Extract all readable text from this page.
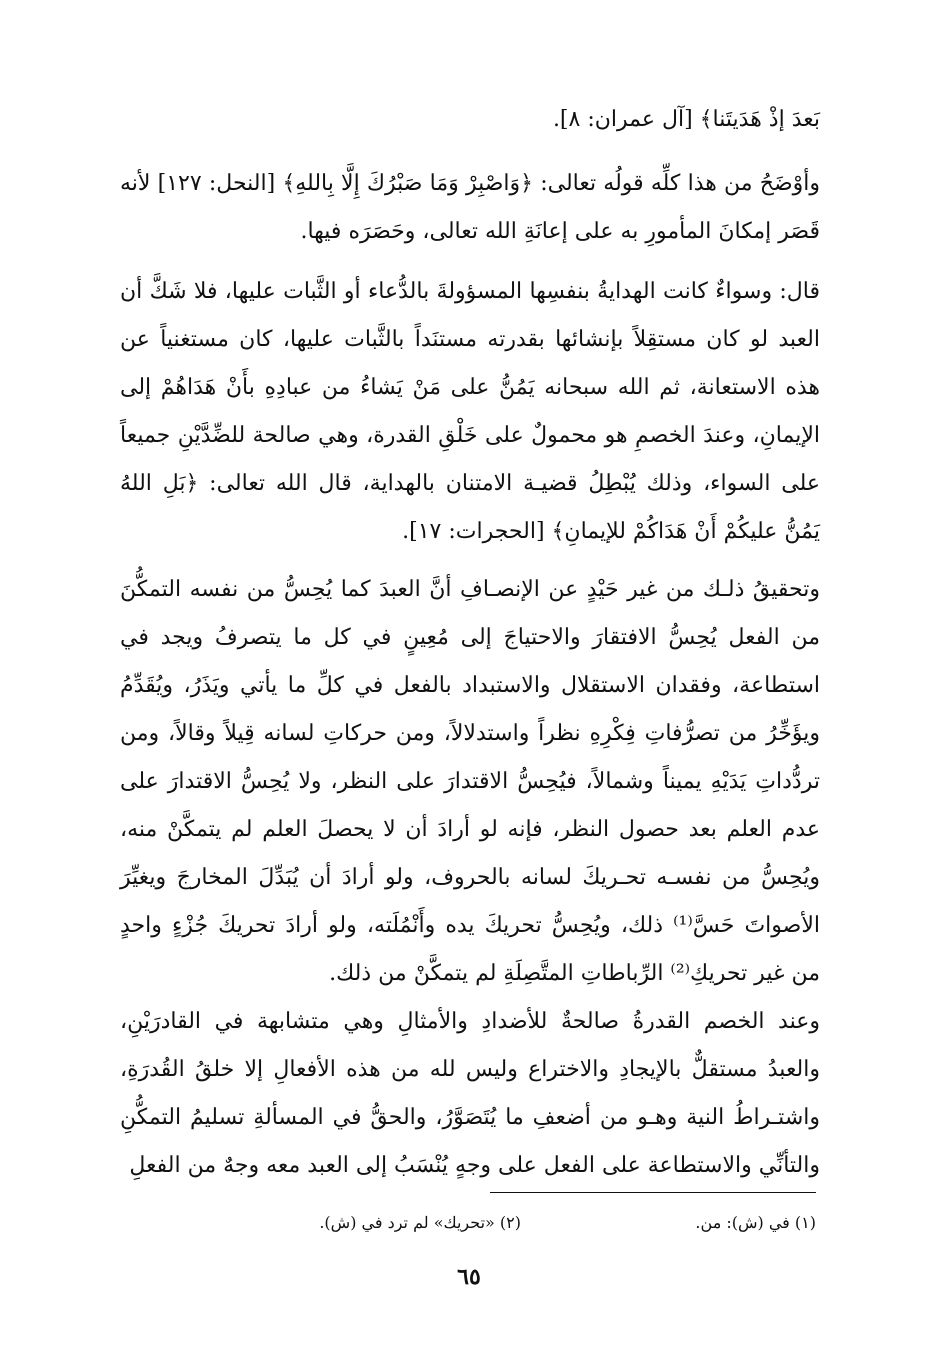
بَعدَ إذْ هَدَيتَنا﴾ [آل عمران: ٨].

وأوْضَحُ من هذا كلِّه قولُه تعالى: ﴿وَاصْبِرْ وَمَا صَبْرُكَ إِلَّا بِاللهِ﴾ [النحل: ١٢٧] لأنه قَصَر إمكانَ المأمورِ به على إعانَةِ الله تعالى، وحَصَرَه فيها.

قال: وسواءٌ كانت الهدايةُ بنفسِها المسؤولةَ بالدُّعاء أو الثَّبات عليها، فلا شَكَّ أن العبد لو كان مستقِلاً بإنشائها بقدرته مستنَداً بالثَّبات عليها، كان مستغنياً عن هذه الاستعانة، ثم الله سبحانه يَمُنُّ على مَنْ يَشاءُ من عبادِهِ بأَنْ هَدَاهُمْ إلى الإيمانِ، وعندَ الخصمِ هو محمولٌ على خَلْقِ القدرة، وهي صالحة للضِّدَّيْنِ جميعاً على السواء، وذلك يُبْطِلُ قضيـة الامتنان بالهداية، قال الله تعالى: ﴿بَلِ اللهُ يَمُنُّ عليكُمْ أَنْ هَدَاكُمْ للإيمانِ﴾ [الحجرات: ١٧].

وتحقيقُ ذلـك من غير حَيْدٍ عن الإنصـافِ أنَّ العبدَ كما يُحِسُّ من نفسه التمكُّنَ من الفعل يُحِسُّ الافتقارَ والاحتياجَ إلى مُعِينٍ في كل ما يتصرفُ ويجد في استطاعة، وفقدان الاستقلال والاستبداد بالفعل في كلِّ ما يأتي ويَذَرُ، ويُقَدِّمُ ويؤَخِّرُ من تصرُّفاتِ فِكْرِهِ نظراً واستدلالاً، ومن حركاتِ لسانه قِيلاً وقالاً، ومن تردُّداتِ يَدَيْهِ يميناً وشمالاً، فيُحِسُّ الاقتدارَ على النظر، ولا يُحِسُّ الاقتدارَ على عدم العلم بعد حصول النظر، فإنه لو أرادَ أن لا يحصلَ العلم لم يتمكَّنْ منه، ويُحِسُّ من نفسـه تحـريكَ لسانه بالحروف، ولو أرادَ أن يُبَدِّلَ المخارجَ ويغيِّرَ الأصواتَ حَسَّ⁽¹⁾ ذلك، ويُحِسُّ تحريكَ يده وأَنْمُلَته، ولو أرادَ تحريكَ جُزْءٍ واحدٍ من غير تحريكِ⁽²⁾ الرِّباطاتِ المتَّصِلَةِ لم يتمكَّنْ من ذلك.

وعند الخصم القدرةُ صالحةٌ للأضدادِ والأمثالِ وهي متشابهة في القادرَيْنِ، والعبدُ مستقلٌّ بالإيجادِ والاختراع وليس لله من هذه الأفعالِ إلا خلقُ القُدرَةِ، واشتـراطُ النية وهـو من أضعفِ ما يُتَصَوَّرُ، والحقُّ في المسألةِ تسليمُ التمكُّنِ والتأنِّي والاستطاعة على الفعل على وجهٍ يُنْسَبُ إلى العبد معه وجهٌ من الفعلِ

(١) في (ش): من.
(٢) «تحريك» لم ترد في (ش).
٦٥
